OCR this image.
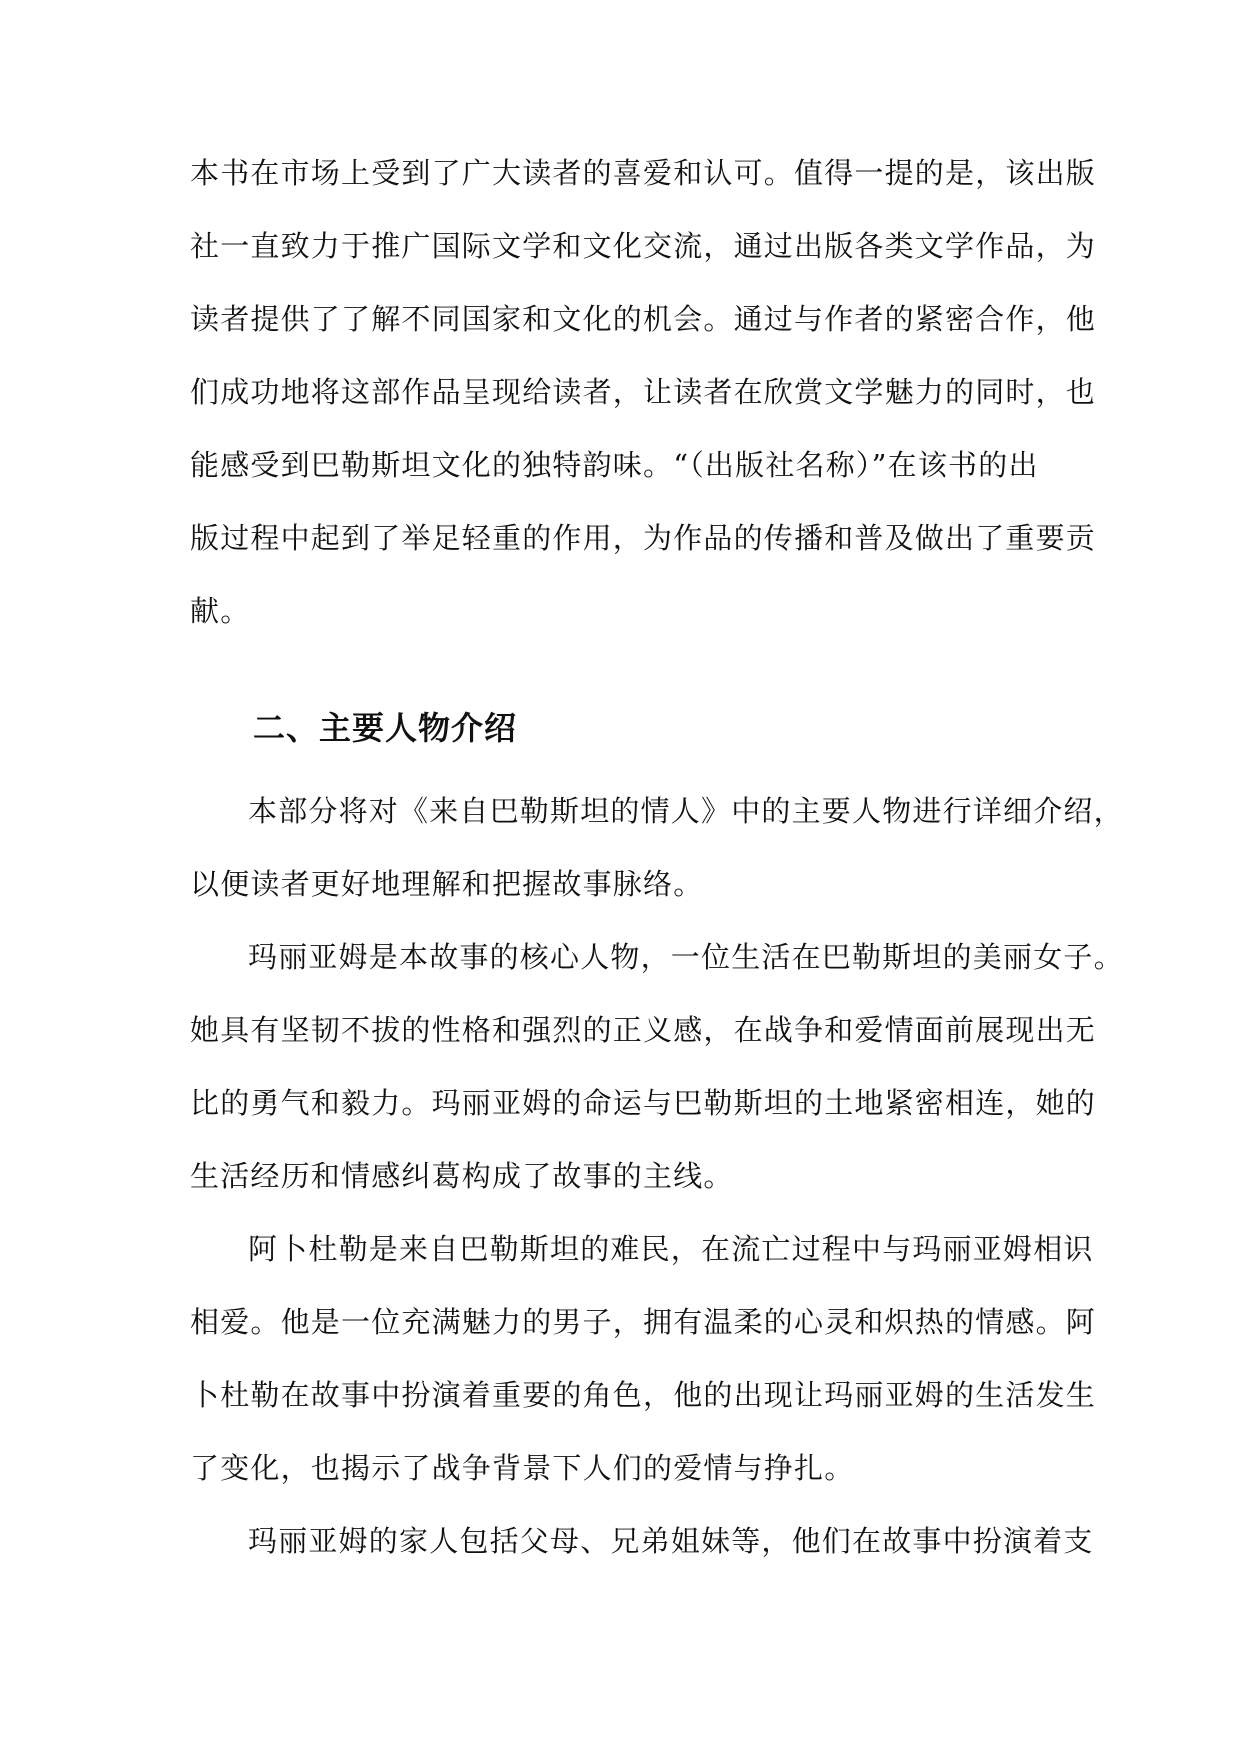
本书在市场上受到了广大读者的喜爱和认可。值得一提的是，该出版
社一直致力于推广国际文学和文化交流，通过出版各类文学作品，为
读者提供了了解不同国家和文化的机会。通过与作者的紧密合作，他
们成功地将这部作品呈现给读者，让读者在欣赏文学魅力的同时，也
能感受到巴勒斯坦文化的独特韵味。“（出版社名称）”在该书的出
版过程中起到了举足轻重的作用，为作品的传播和普及做出了重要贡
献。
二、主要人物介绍
本部分将对《来自巴勒斯坦的情人》中的主要人物进行详细介绍，
以便读者更好地理解和把握故事脉络。
玛丽亚姆是本故事的核心人物，一位生活在巴勒斯坦的美丽女子。
她具有坚韧不拔的性格和强烈的正义感，在战争和爱情面前展现出无
比的勇气和毅力。玛丽亚姆的命运与巴勒斯坦的土地紧密相连，她的
生活经历和情感纠葛构成了故事的主线。
阿卜杜勒是来自巴勒斯坦的难民，在流亡过程中与玛丽亚姆相识
相爱。他是一位充满魅力的男子，拥有温柔的心灵和炽热的情感。阿
卜杜勒在故事中扮演着重要的角色，他的出现让玛丽亚姆的生活发生
了变化，也揭示了战争背景下人们的爱情与挣扎。
玛丽亚姆的家人包括父母、兄弟姐妹等，他们在故事中扮演着支
